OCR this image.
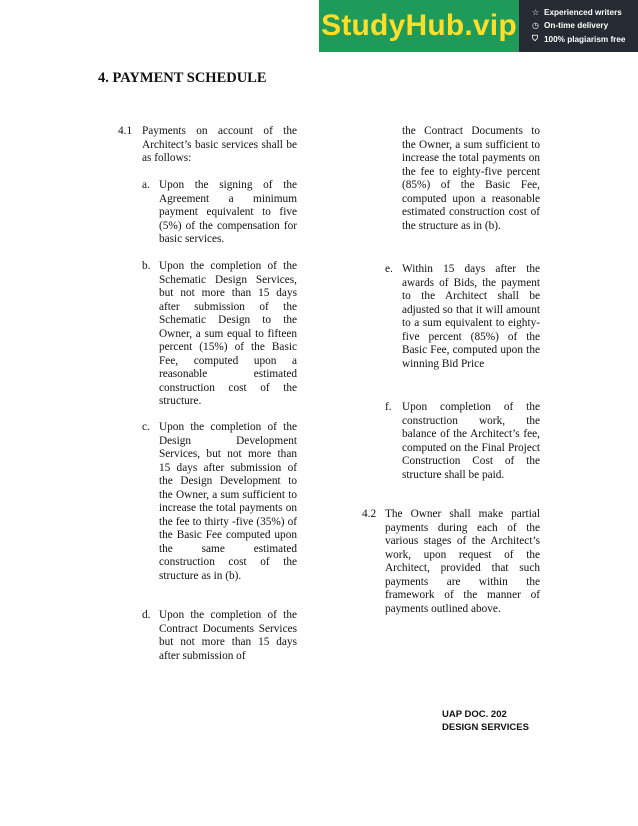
StudyHub.vip ☆ Experienced writers
◷ On-time delivery
⛉ 100% plagiarism free
4. PAYMENT SCHEDULE
4.1 Payments on account of the Architect’s basic services shall be as follows:
a. Upon the signing of the Agreement a minimum payment equivalent to five (5%) of the compensation for basic services.
b. Upon the completion of the Schematic Design Services, but not more than 15 days after submission of the Schematic Design to the Owner, a sum equal to fifteen percent (15%) of the Basic Fee, computed upon a reasonable estimated construction cost of the structure.
c. Upon the completion of the Design Development Services, but not more than 15 days after submission of the Design Development to the Owner, a sum sufficient to increase the total payments on the fee to thirty -five (35%) of the Basic Fee computed upon the same estimated construction cost of the structure as in (b).
d. Upon the completion of the Contract Documents Services but not more than 15 days after submission of
the Contract Documents to the Owner, a sum sufficient to increase the total payments on the fee to eighty-five percent (85%) of the Basic Fee, computed upon a reasonable estimated construction cost of the structure as in (b).
e. Within 15 days after the awards of Bids, the payment to the Architect shall be adjusted so that it will amount to a sum equivalent to eighty-five percent (85%) of the Basic Fee, computed upon the winning Bid Price
f. Upon completion of the construction work, the balance of the Architect’s fee, computed on the Final Project Construction Cost of the structure shall be paid.
4.2 The Owner shall make partial payments during each of the various stages of the Architect’s work, upon request of the Architect, provided that such payments are within the framework of the manner of payments outlined above.
UAP DOC. 202
DESIGN SERVICES
